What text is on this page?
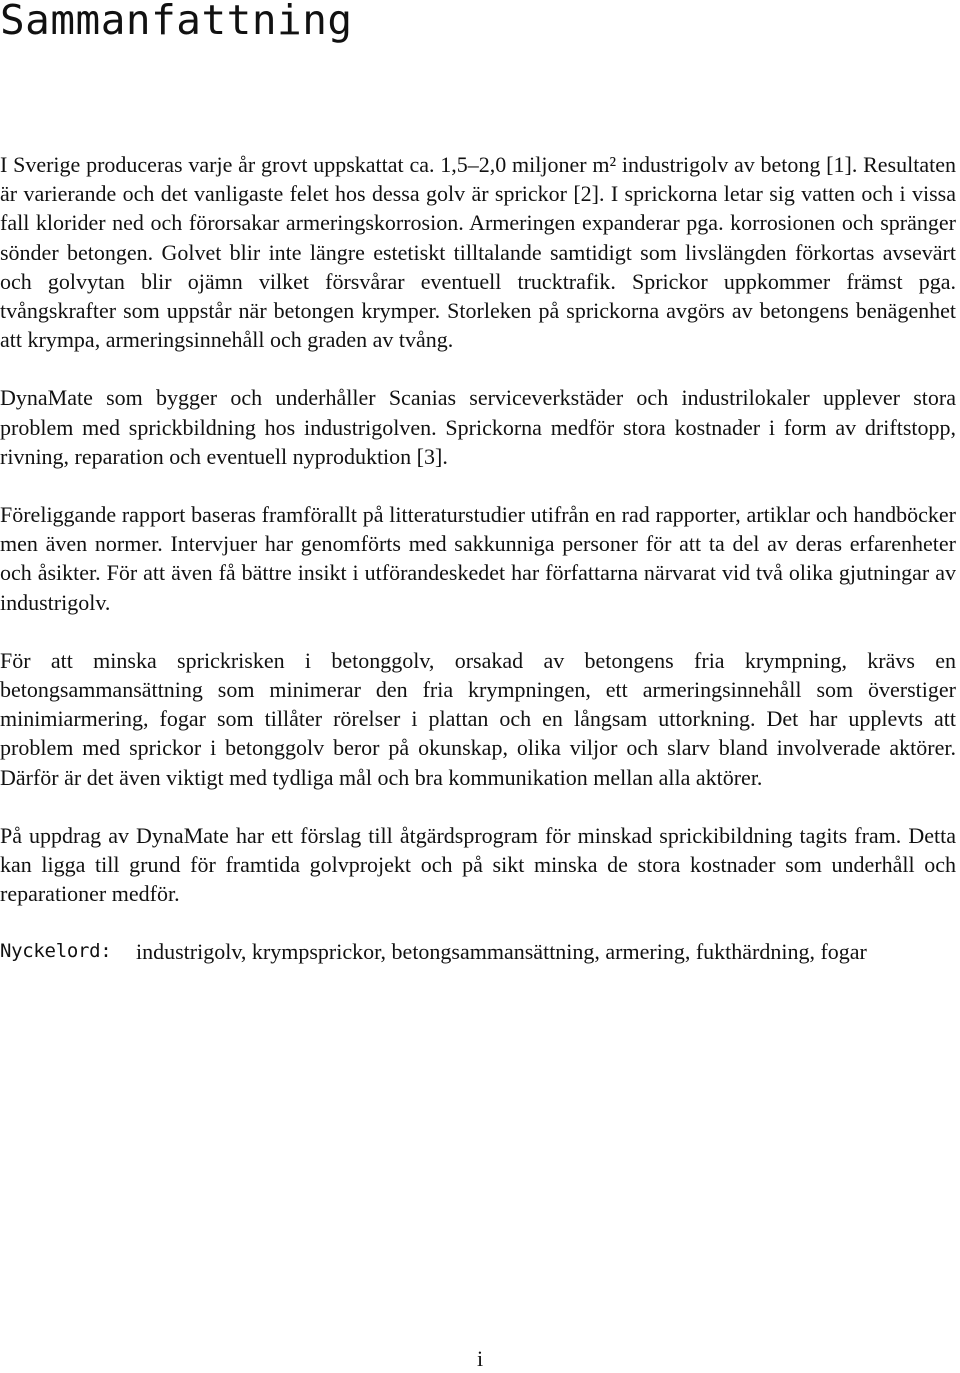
Sammanfattning

I Sverige produceras varje år grovt uppskattat ca. 1,5–2,0 miljoner m² industrigolv av betong [1]. Resultaten är varierande och det vanligaste felet hos dessa golv är sprickor [2]. I sprickorna letar sig vatten och i vissa fall klorider ned och förorsakar armeringskorrosion. Armeringen expanderar pga. korrosionen och spränger sönder betongen. Golvet blir inte längre estetiskt tilltalande samtidigt som livslängden förkortas avsevärt och golvytan blir ojämn vilket försvårar eventuell trucktrafik. Sprickor uppkommer främst pga. tvångskrafter som uppstår när betongen krymper. Storleken på sprickorna avgörs av betongens benägenhet att krympa, armeringsinnehåll och graden av tvång.

DynaMate som bygger och underhåller Scanias serviceverkstäder och industrilokaler upplever stora problem med sprickbildning hos industrigolven. Sprickorna medför stora kostnader i form av driftstopp, rivning, reparation och eventuell nyproduktion [3].

Föreliggande rapport baseras framförallt på litteraturstudier utifrån en rad rapporter, artiklar och handböcker men även normer. Intervjuer har genomförts med sakkunniga personer för att ta del av deras erfarenheter och åsikter. För att även få bättre insikt i utförandeskedet har författarna närvarat vid två olika gjutningar av industrigolv.

För att minska sprickrisken i betonggolv, orsakad av betongens fria krympning, krävs en betongsammansättning som minimerar den fria krympningen, ett armeringsinnehåll som överstiger minimiarmering, fogar som tillåter rörelser i plattan och en långsam uttorkning. Det har upplevts att problem med sprickor i betonggolv beror på okunskap, olika viljor och slarv bland involverade aktörer. Därför är det även viktigt med tydliga mål och bra kommunikation mellan alla aktörer.

På uppdrag av DynaMate har ett förslag till åtgärdsprogram för minskad sprickibildning tagits fram. Detta kan ligga till grund för framtida golvprojekt och på sikt minska de stora kostnader som underhåll och reparationer medför.

Nyckelord:	industrigolv, krympsprickor, betongsammansättning, armering, fukthärdning, fogar
i
